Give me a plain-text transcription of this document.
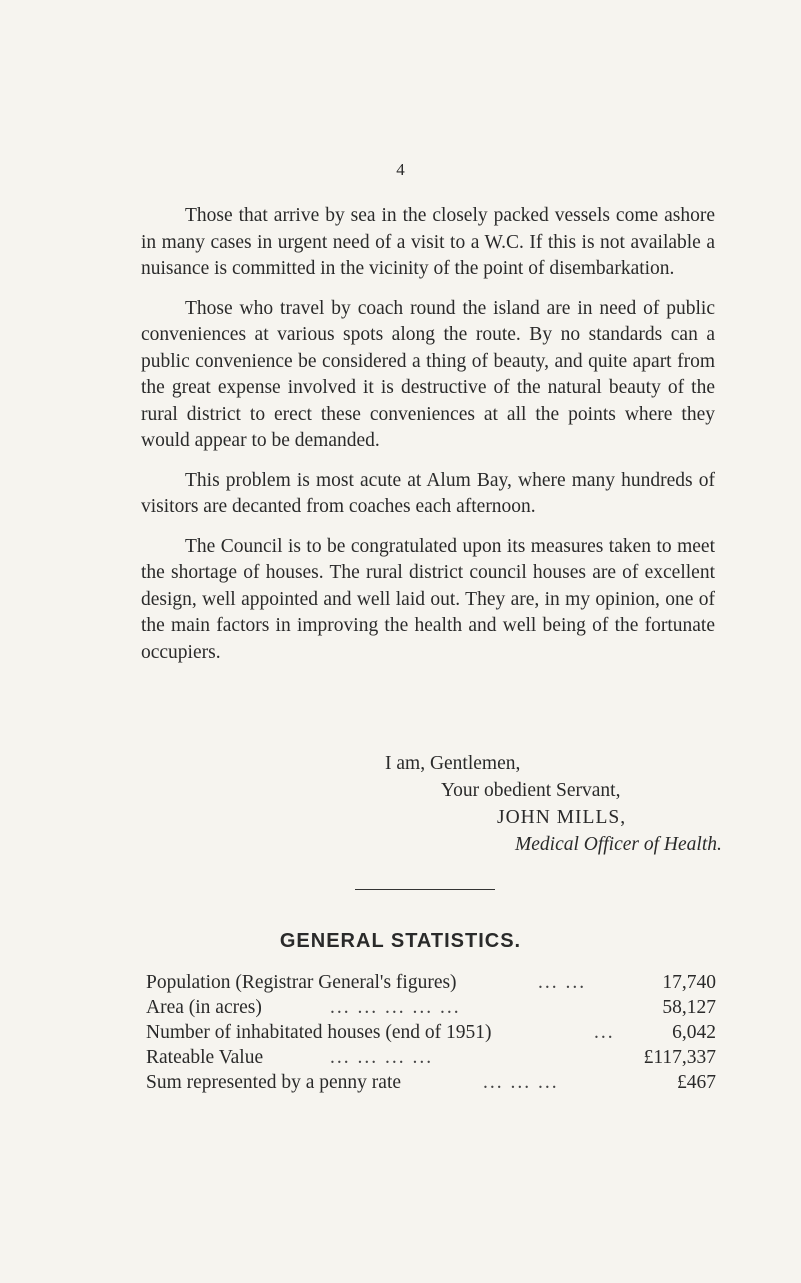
4

Those that arrive by sea in the closely packed vessels come ashore in many cases in urgent need of a visit to a W.C. If this is not available a nuisance is committed in the vicinity of the point of disembarkation.

Those who travel by coach round the island are in need of public conveniences at various spots along the route. By no standards can a public convenience be considered a thing of beauty, and quite apart from the great expense involved it is destructive of the natural beauty of the rural district to erect these conveniences at all the points where they would appear to be demanded.

This problem is most acute at Alum Bay, where many hundreds of visitors are decanted from coaches each afternoon.

The Council is to be congratulated upon its measures taken to meet the shortage of houses. The rural district council houses are of excellent design, well appointed and well laid out. They are, in my opinion, one of the main factors in improving the health and well being of the fortunate occupiers.

I am, Gentlemen,
Your obedient Servant,
JOHN MILLS,
Medical Officer of Health.
GENERAL STATISTICS.
Population (Registrar General's figures)	... ...	17,740
Area (in acres)	... ... ... ... ...	58,127
Number of inhabitated houses (end of 1951)	...	6,042
Rateable Value	... ... ... ...	£117,337
Sum represented by a penny rate	... ... ...	£467
